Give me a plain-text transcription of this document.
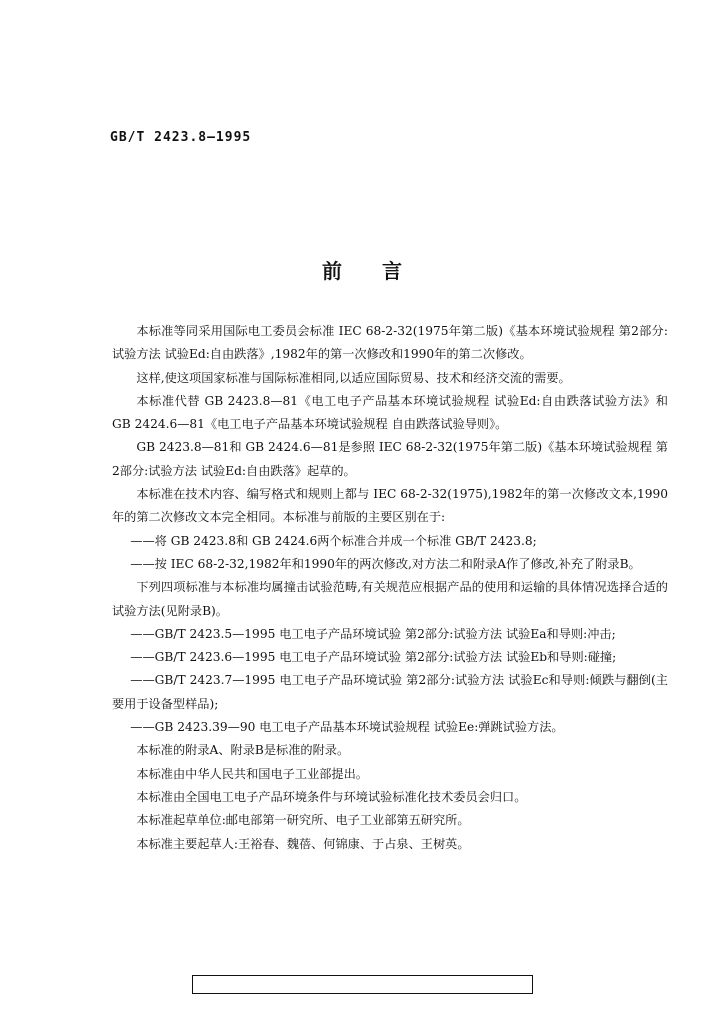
GB/T 2423.8—1995
前言

本标准等同采用国际电工委员会标准 IEC 68-2-32(1975年第二版)《基本环境试验规程 第2部分:试验方法 试验Ed:自由跌落》,1982年的第一次修改和1990年的第二次修改。

这样,使这项国家标准与国际标准相同,以适应国际贸易、技术和经济交流的需要。

本标准代替 GB 2423.8—81《电工电子产品基本环境试验规程 试验Ed:自由跌落试验方法》和 GB 2424.6—81《电工电子产品基本环境试验规程 自由跌落试验导则》。

GB 2423.8—81和 GB 2424.6—81是参照 IEC 68-2-32(1975年第二版)《基本环境试验规程 第2部分:试验方法 试验Ed:自由跌落》起草的。

本标准在技术内容、编写格式和规则上都与 IEC 68-2-32(1975),1982年的第一次修改文本,1990年的第二次修改文本完全相同。本标准与前版的主要区别在于:

——将 GB 2423.8和 GB 2424.6两个标准合并成一个标准 GB/T 2423.8;

——按 IEC 68-2-32,1982年和1990年的两次修改,对方法二和附录A作了修改,补充了附录B。

下列四项标准与本标准均属撞击试验范畴,有关规范应根据产品的使用和运输的具体情况选择合适的试验方法(见附录B)。

——GB/T 2423.5—1995 电工电子产品环境试验 第2部分:试验方法 试验Ea和导则:冲击;

——GB/T 2423.6—1995 电工电子产品环境试验 第2部分:试验方法 试验Eb和导则:碰撞;

——GB/T 2423.7—1995 电工电子产品环境试验 第2部分:试验方法 试验Ec和导则:倾跌与翻倒(主要用于设备型样品);

——GB 2423.39—90 电工电子产品基本环境试验规程 试验Ee:弹跳试验方法。

本标准的附录A、附录B是标准的附录。

本标准由中华人民共和国电子工业部提出。

本标准由全国电工电子产品环境条件与环境试验标准化技术委员会归口。

本标准起草单位:邮电部第一研究所、电子工业部第五研究所。

本标准主要起草人:王裕春、魏蓓、何锦康、于占泉、王树英。
